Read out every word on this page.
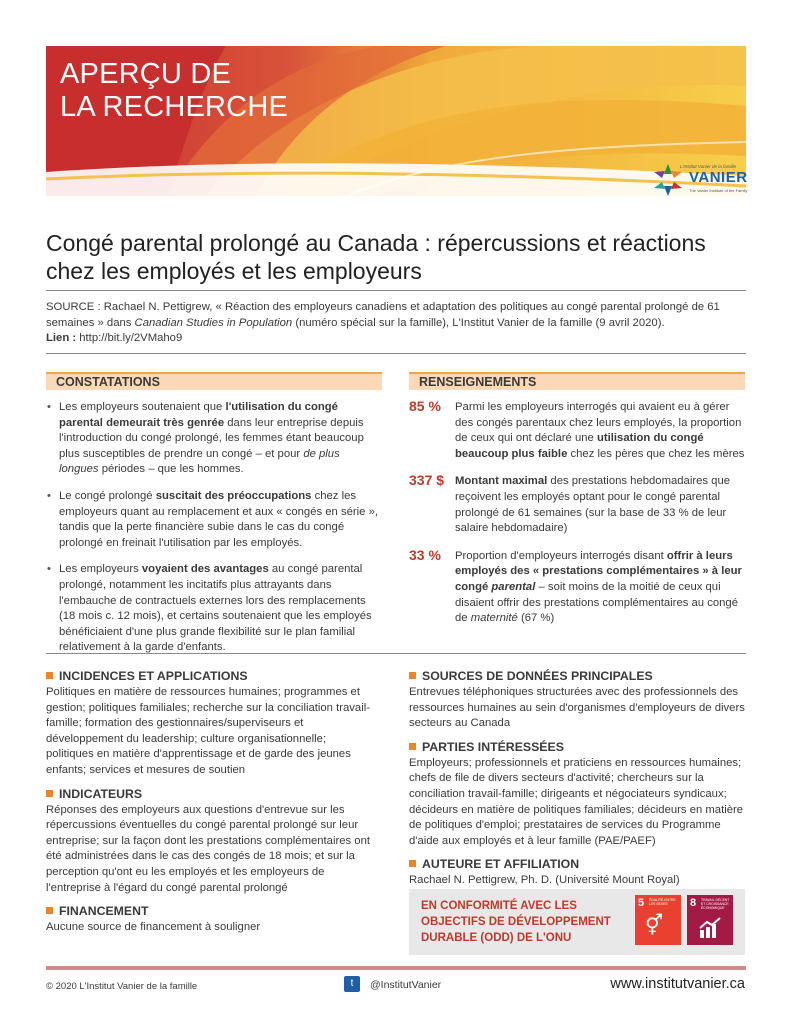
APERÇU DE
LA RECHERCHE
L'Institut Vanier de la famille
VANIER
The Vanier Institute of the Family
Congé parental prolongé au Canada : répercussions et réactions chez les employés et les employeurs
SOURCE : Rachael N. Pettigrew, « Réaction des employeurs canadiens et adaptation des politiques au congé parental prolongé de 61 semaines » dans Canadian Studies in Population (numéro spécial sur la famille), L'Institut Vanier de la famille (9 avril 2020).
Lien : http://bit.ly/2VMaho9
CONSTATATIONS
• Les employeurs soutenaient que l'utilisation du congé parental demeurait très genrée dans leur entreprise depuis l'introduction du congé prolongé, les femmes étant beaucoup plus susceptibles de prendre un congé – et pour de plus longues périodes – que les hommes.
• Le congé prolongé suscitait des préoccupations chez les employeurs quant au remplacement et aux « congés en série », tandis que la perte financière subie dans le cas du congé prolongé en freinait l'utilisation par les employés.
• Les employeurs voyaient des avantages au congé parental prolongé, notamment les incitatifs plus attrayants dans l'embauche de contractuels externes lors des remplacements (18 mois c. 12 mois), et certains soutenaient que les employés bénéficiaient d'une plus grande flexibilité sur le plan familial relativement à la garde d'enfants.
RENSEIGNEMENTS
85 % Parmi les employeurs interrogés qui avaient eu à gérer des congés parentaux chez leurs employés, la proportion de ceux qui ont déclaré une utilisation du congé beaucoup plus faible chez les pères que chez les mères
337 $ Montant maximal des prestations hebdomadaires que reçoivent les employés optant pour le congé parental prolongé de 61 semaines (sur la base de 33 % de leur salaire hebdomadaire)
33 % Proportion d'employeurs interrogés disant offrir à leurs employés des « prestations complémentaires » à leur congé parental – soit moins de la moitié de ceux qui disaient offrir des prestations complémentaires au congé de maternité (67 %)
INCIDENCES ET APPLICATIONS
Politiques en matière de ressources humaines; programmes et gestion; politiques familiales; recherche sur la conciliation travail-famille; formation des gestionnaires/superviseurs et développement du leadership; culture organisationnelle; politiques en matière d'apprentissage et de garde des jeunes enfants; services et mesures de soutien
INDICATEURS
Réponses des employeurs aux questions d'entrevue sur les répercussions éventuelles du congé parental prolongé sur leur entreprise; sur la façon dont les prestations complémentaires ont été administrées dans le cas des congés de 18 mois; et sur la perception qu'ont eu les employés et les employeurs de l'entreprise à l'égard du congé parental prolongé
FINANCEMENT
Aucune source de financement à souligner
SOURCES DE DONNÉES PRINCIPALES
Entrevues téléphoniques structurées avec des professionnels des ressources humaines au sein d'organismes d'employeurs de divers secteurs au Canada
PARTIES INTÉRESSÉES
Employeurs; professionnels et praticiens en ressources humaines; chefs de file de divers secteurs d'activité; chercheurs sur la conciliation travail-famille; dirigeants et négociateurs syndicaux; décideurs en matière de politiques familiales; décideurs en matière de politiques d'emploi; prestataires de services du Programme d'aide aux employés et à leur famille (PAE/PAEF)
AUTEURE ET AFFILIATION
Rachael N. Pettigrew, Ph. D. (Université Mount Royal)
EN CONFORMITÉ AVEC LES OBJECTIFS DE DÉVELOPPEMENT DURABLE (ODD) DE L'ONU
5 ÉGALITÉ ENTRE LES SEXES
⚥
8 TRAVAIL DÉCENT ET CROISSANCE ÉCONOMIQUE
© 2020 L'Institut Vanier de la famille	t	@InstitutVanier	www.institutvanier.ca
